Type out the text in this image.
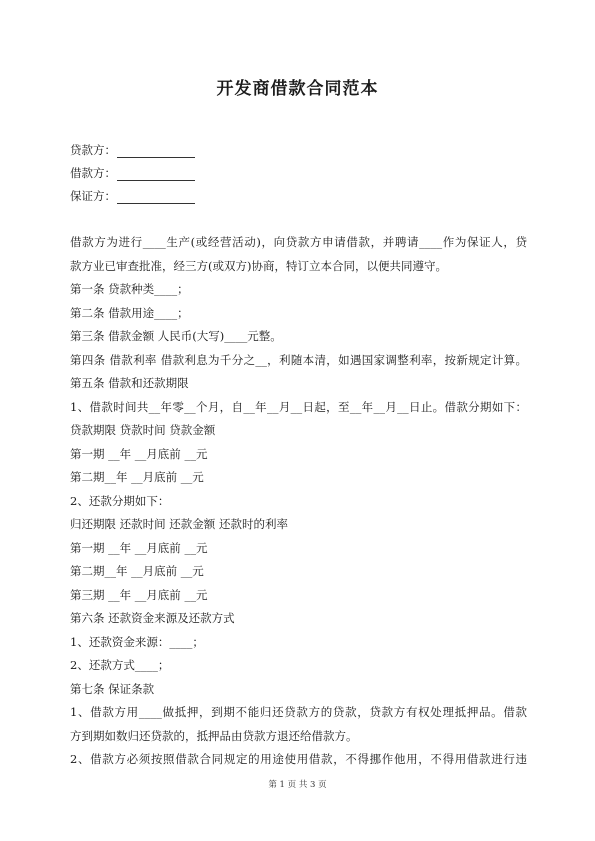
开发商借款合同范本
贷款方：
借款方：
保证方：
借款方为进行____生产(或经营活动)，向贷款方申请借款，并聘请____作为保证人，贷
款方业已审查批准，经三方(或双方)协商，特订立本合同，以便共同遵守。
第一条 贷款种类____；
第二条 借款用途____；
第三条 借款金额 人民币(大写)____元整。
第四条 借款利率 借款利息为千分之__，利随本清，如遇国家调整利率，按新规定计算。
第五条 借款和还款期限
1、借款时间共__年零__个月，自__年__月__日起，至__年__月__日止。借款分期如下：
贷款期限 贷款时间 贷款金额
第一期 __年 __月底前 __元
第二期__年 __月底前 __元
2、还款分期如下：
归还期限 还款时间 还款金额 还款时的利率
第一期 __年 __月底前 __元
第二期__年 __月底前 __元
第三期 __年 __月底前 __元
第六条 还款资金来源及还款方式
1、还款资金来源：____；
2、还款方式____；
第七条 保证条款
1、借款方用____做抵押，到期不能归还贷款方的贷款，贷款方有权处理抵押品。借款
方到期如数归还贷款的，抵押品由贷款方退还给借款方。
2、借款方必须按照借款合同规定的用途使用借款，不得挪作他用，不得用借款进行违
第 1 页 共 3 页
